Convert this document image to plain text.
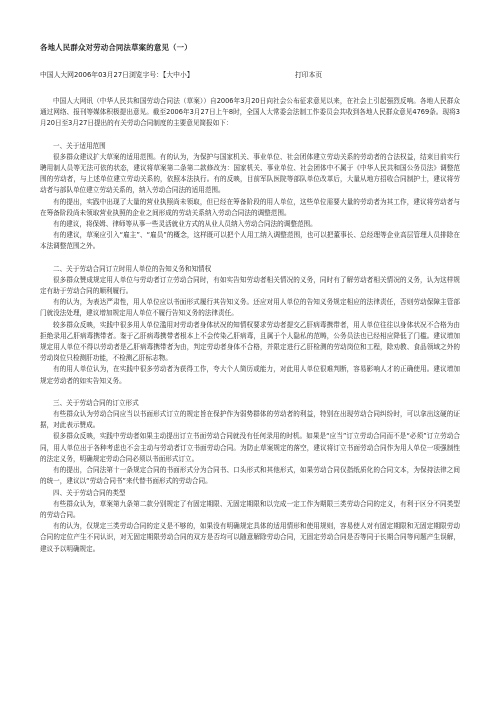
各地人民群众对劳动合同法草案的意见（一）
中国人大网2006年03月27日浏览字号：【大中小】	打印本页

中国人大网讯（中华人民共和国劳动合同法（草案））自2006年3月20日向社会公布征求意见以来，在社会上引起强烈反响。各地人民群众通过网络、报刊等媒体积极提出意见。截至2006年3月27日上午8时，全国人大常委会法制工作委员会共收到各地人民群众意见4769条。现将3月20日至3月27日提出的有关劳动合同制度的主要意见简报如下：

一、关于适用范围

很多群众建议扩大草案的适用范围。有的认为，为保护与国家机关、事业单位、社会团体建立劳动关系的劳动者的合法权益，结束目前实行聘用制人员等无法可依的状态，建议将草案第二条第二款修改为：国家机关、事业单位、社会团体中不属于《中华人民共和国公务员法》调整范围的劳动者，与上述单位建立劳动关系的，依照本法执行。有的反映，目前军队医院等部队单位改革后，大量从地方招收合同制护士，建议将劳动者与部队单位建立劳动关系的，纳入劳动合同法的适用范围。

有的提出，实践中出现了大量的营业执照尚未领取，但已经在筹备阶段的用人单位，这些单位需要大量的劳动者为其工作，建议将劳动者与在筹备阶段尚未领取营业执照的企业之间形成的劳动关系纳入劳动合同法的调整范围。

有的建议，将保姆、律师等从事一些灵活就业方式的从业人员纳入劳动合同法的调整范围。

有的建议，草案应引入“雇主”、“雇员”的概念，这样既可以把个人用工纳入调整范围，也可以把董事长、总经理等企业高层管理人员排除在本法调整范围之外。

二、关于劳动合同订立时用人单位的告知义务和知情权

很多群众赞成规定用人单位与劳动者订立劳动合同时，有如实告知劳动者相关情况的义务，同时有了解劳动者相关情况的义务，认为这样规定有助于劳动合同的顺利履行。

有的认为，为表达严肃性，用人单位应以书面形式履行其告知义务。还应对用人单位的告知义务规定相应的法律责任，否则劳动保障主管部门就没法处理，建议增加规定用人单位不履行告知义务的法律责任。

较多群众反映，实践中很多用人单位滥用对劳动者身体状况的知情权要求劳动者提交乙肝病毒携带者，用人单位往往以身体状况不合格为由拒绝录用乙肝病毒携带者。鉴于乙肝病毒携带者根本上不会传染乙肝病毒，且属于个人隐私的范畴，公务员法也已经相应降低了门槛。建议增加规定用人单位不得以劳动者是乙肝病毒携带者为由，判定劳动者身体不合格，并限定进行乙肝检测的劳动岗位和工程，除劝教、食品领域之外的劳动岗位只检测肝功能，不检测乙肝标志物。

有的用人单位认为，在实践中很多劳动者为获得工作，夸大个人简历或能力，对此用人单位很难判断，容易影响人才的正确使用。建议增加规定劳动者的如实告知义务。

三、关于劳动合同的订立形式

有些群众认为劳动合同应当以书面形式订立的规定旨在保护作为弱势群体的劳动者的利益，特别在出现劳动合同纠纷时，可以拿出这硬的证据，对此表示赞成。

很多群众反映，实践中劳动者如果主动提出订立书面劳动合同就没有任何录用的时机。如果是“应当”订立劳动合同而不是“必须”订立劳动合同，用人单位出于各种考虑也不会主动与劳动者订立书面劳动合同。为防止草案规定的落空，建议将订立书面劳动合同作为用人单位一项强制性的法定义务，明确规定劳动合同必须以书面形式订立。

有的提出，合同法第十一条规定合同的书面形式分为合同书、口头形式和其他形式，如果劳动合同仅指纸质化的合同文本，为保持法律之间的统一，建议以“劳动合同书”来代替书面形式的劳动合同。

四、关于劳动合同的类型

有些群众认为，草案第九条第二款分别规定了有固定期限、无固定期限和以完成一定工作为期限三类劳动合同的定义，有利于区分不同类型的劳动合同。

有的认为，仅规定三类劳动合同的定义是不够的，如果没有明确规定具体的适用情形和使用规则，容易使人对有固定期限和无固定期限劳动合同的定位产生不同认识，对无固定期限劳动合同的双方是否均可以随意解除劳动合同，无固定劳动合同是否等同于长期合同等问题产生误解，建议予以明确规定。
